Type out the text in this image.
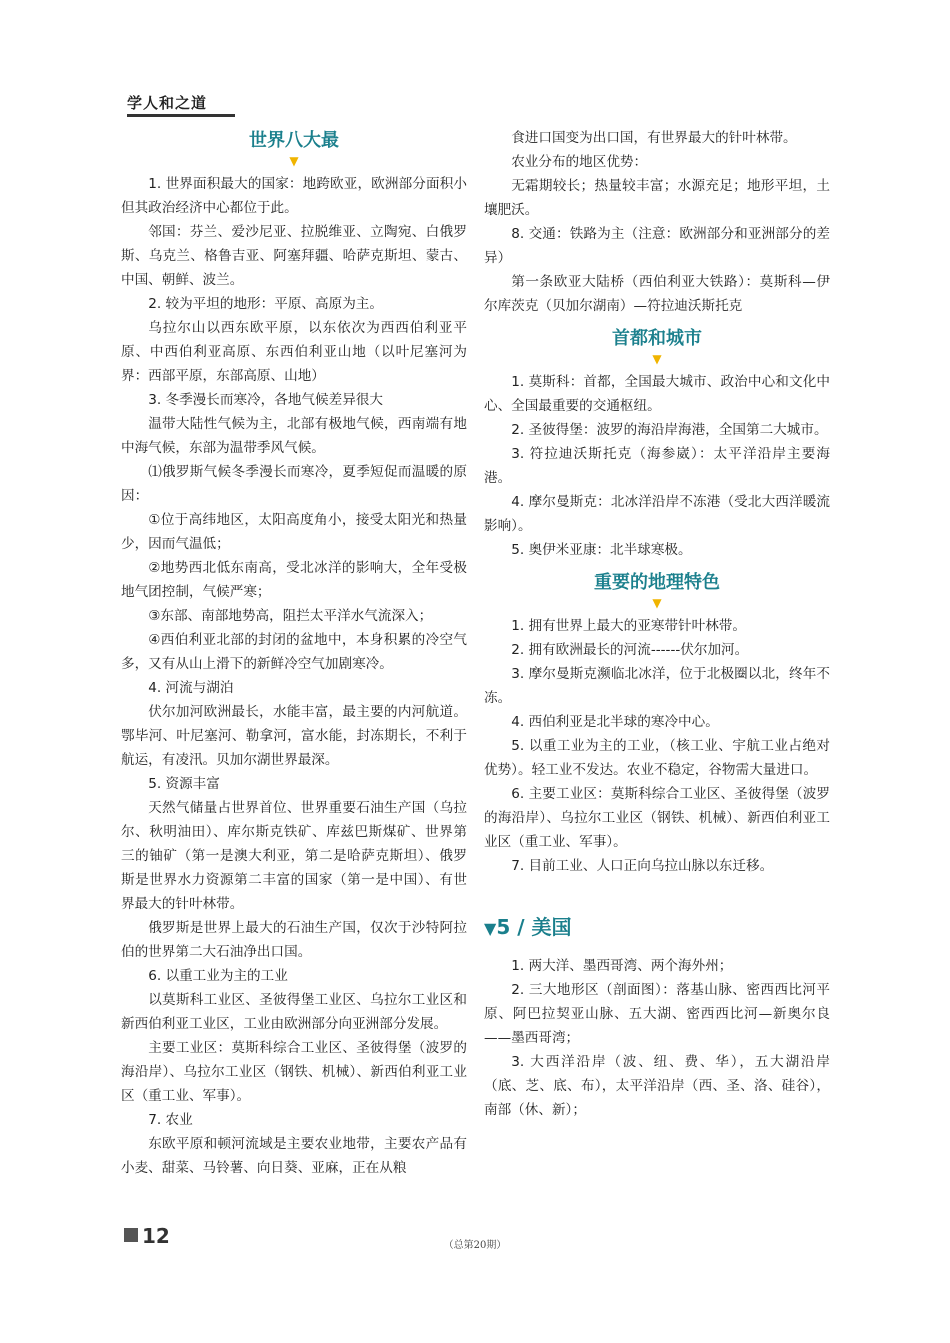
学人和之道
世界八大最
▼

1. 世界面积最大的国家：地跨欧亚，欧洲部分面积小但其政治经济中心都位于此。

邻国：芬兰、爱沙尼亚、拉脱维亚、立陶宛、白俄罗斯、乌克兰、格鲁吉亚、阿塞拜疆、哈萨克斯坦、蒙古、中国、朝鲜、波兰。

2. 较为平坦的地形：平原、高原为主。

乌拉尔山以西东欧平原，以东依次为西西伯利亚平原、中西伯利亚高原、东西伯利亚山地（以叶尼塞河为界：西部平原，东部高原、山地）

3. 冬季漫长而寒冷，各地气候差异很大

温带大陆性气候为主，北部有极地气候，西南端有地中海气候，东部为温带季风气候。

⑴俄罗斯气候冬季漫长而寒冷，夏季短促而温暖的原因：

①位于高纬地区，太阳高度角小，接受太阳光和热量少，因而气温低；

②地势西北低东南高，受北冰洋的影响大，全年受极地气团控制，气候严寒；

③东部、南部地势高，阻拦太平洋水气流深入；

④西伯利亚北部的封闭的盆地中，本身积累的冷空气多，又有从山上滑下的新鲜冷空气加剧寒冷。

4. 河流与湖泊

伏尔加河欧洲最长，水能丰富，最主要的内河航道。鄂毕河、叶尼塞河、勒拿河，富水能，封冻期长，不利于航运，有凌汛。贝加尔湖世界最深。

5. 资源丰富

天然气储量占世界首位、世界重要石油生产国（乌拉尔、秋明油田）、库尔斯克铁矿、库兹巴斯煤矿、世界第三的铀矿（第一是澳大利亚，第二是哈萨克斯坦）、俄罗斯是世界水力资源第二丰富的国家（第一是中国）、有世界最大的针叶林带。

俄罗斯是世界上最大的石油生产国，仅次于沙特阿拉伯的世界第二大石油净出口国。

6. 以重工业为主的工业

以莫斯科工业区、圣彼得堡工业区、乌拉尔工业区和新西伯利亚工业区，工业由欧洲部分向亚洲部分发展。

主要工业区：莫斯科综合工业区、圣彼得堡（波罗的海沿岸）、乌拉尔工业区（钢铁、机械）、新西伯利亚工业区（重工业、军事）。

7. 农业

东欧平原和顿河流域是主要农业地带，主要农产品有小麦、甜菜、马铃薯、向日葵、亚麻，正在从粮

食进口国变为出口国，有世界最大的针叶林带。

农业分布的地区优势：

无霜期较长；热量较丰富；水源充足；地形平坦，土壤肥沃。

8. 交通：铁路为主（注意：欧洲部分和亚洲部分的差异）

第一条欧亚大陆桥（西伯利亚大铁路）：莫斯科—伊尔库茨克（贝加尔湖南）—符拉迪沃斯托克

首都和城市
▼

1. 莫斯科：首都，全国最大城市、政治中心和文化中心、全国最重要的交通枢纽。

2. 圣彼得堡：波罗的海沿岸海港，全国第二大城市。

3. 符拉迪沃斯托克（海参崴）：太平洋沿岸主要海港。

4. 摩尔曼斯克：北冰洋沿岸不冻港（受北大西洋暖流影响）。

5. 奥伊米亚康：北半球寒极。

重要的地理特色
▼

1. 拥有世界上最大的亚寒带针叶林带。

2. 拥有欧洲最长的河流------伏尔加河。

3. 摩尔曼斯克濒临北冰洋，位于北极圈以北，终年不冻。

4. 西伯利亚是北半球的寒冷中心。

5. 以重工业为主的工业，（核工业、宇航工业占绝对优势）。轻工业不发达。农业不稳定，谷物需大量进口。

6. 主要工业区：莫斯科综合工业区、圣彼得堡（波罗的海沿岸）、乌拉尔工业区（钢铁、机械）、新西伯利亚工业区（重工业、军事）。

7. 目前工业、人口正向乌拉山脉以东迁移。

▼5 / 美国

1. 两大洋、墨西哥湾、两个海外州；

2. 三大地形区（剖面图）：落基山脉、密西西比河平原、阿巴拉契亚山脉、五大湖、密西西比河—新奥尔良——墨西哥湾；

3. 大西洋沿岸（波、纽、费、华），五大湖沿岸（底、芝、底、布），太平洋沿岸（西、圣、洛、硅谷），南部（休、新）；

12	（总第20期）
